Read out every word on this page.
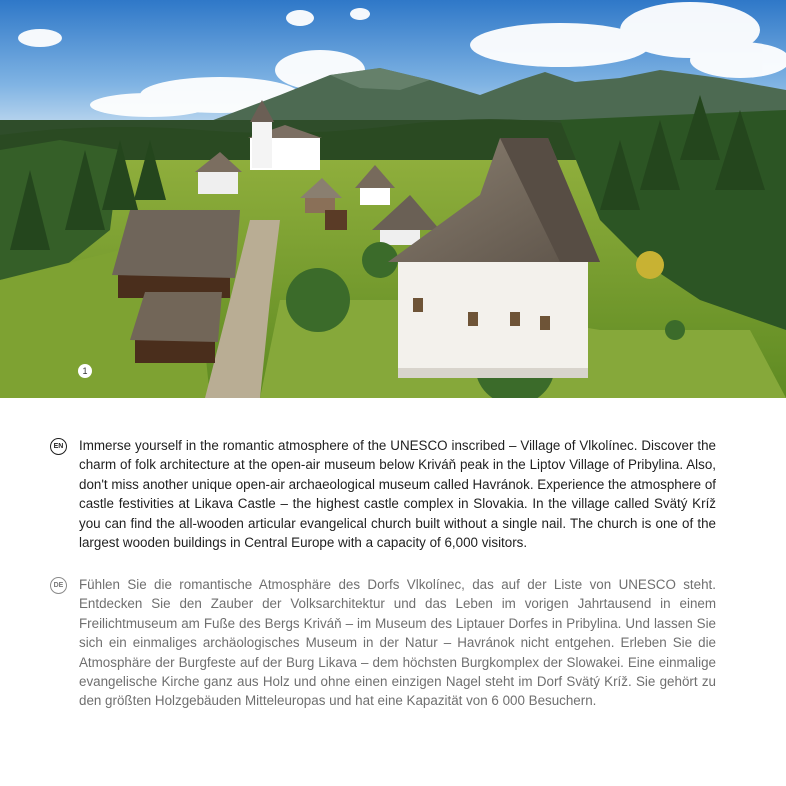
1
EN Immerse yourself in the romantic atmosphere of the UNESCO inscribed – Village of Vlkolínec. Discover the charm of folk architecture at the open-air museum below Kriváň peak in the Liptov Village of Pribylina. Also, don't miss another unique open-air archaeological museum called Havránok. Experience the atmosphere of castle festivities at Likava Castle – the highest castle complex in Slovakia. In the village called Svätý Kríž you can find the all-wooden articular evangelical church built without a single nail. The church is one of the largest wooden buildings in Central Europe with a capacity of 6,000 visitors.
DE Fühlen Sie die romantische Atmosphäre des Dorfs Vlkolínec, das auf der Liste von UNESCO steht. Entdecken Sie den Zauber der Volksarchitektur und das Leben im vorigen Jahrtausend in einem Freilichtmuseum am Fuße des Bergs Kriváň – im Museum des Liptauer Dorfes in Pribylina. Und lassen Sie sich ein einmaliges archäologisches Museum in der Natur – Havránok nicht entgehen. Erleben Sie die Atmosphäre der Burgfeste auf der Burg Likava – dem höchsten Burgkomplex der Slowakei. Eine einmalige evangelische Kirche ganz aus Holz und ohne einen einzigen Nagel steht im Dorf Svätý Kríž. Sie gehört zu den größten Holzgebäuden Mitteleuropas und hat eine Kapazität von 6 000 Besuchern.
